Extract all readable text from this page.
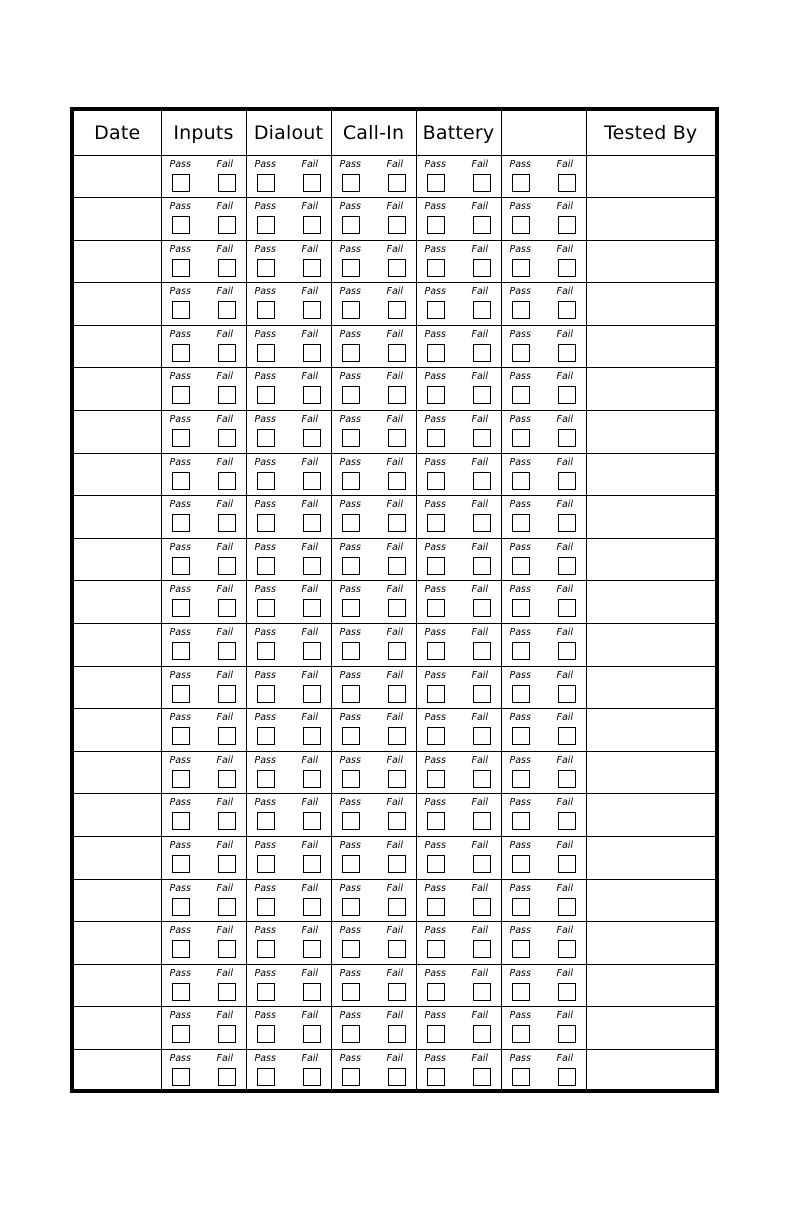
Date	Inputs	Dialout	Call-In	Battery		Tested By

	Pass Fail	Pass Fail	Pass Fail	Pass Fail	Pass Fail	

	Pass Fail	Pass Fail	Pass Fail	Pass Fail	Pass Fail	

	Pass Fail	Pass Fail	Pass Fail	Pass Fail	Pass Fail	

	Pass Fail	Pass Fail	Pass Fail	Pass Fail	Pass Fail	

	Pass Fail	Pass Fail	Pass Fail	Pass Fail	Pass Fail	

	Pass Fail	Pass Fail	Pass Fail	Pass Fail	Pass Fail	

	Pass Fail	Pass Fail	Pass Fail	Pass Fail	Pass Fail	

	Pass Fail	Pass Fail	Pass Fail	Pass Fail	Pass Fail	

	Pass Fail	Pass Fail	Pass Fail	Pass Fail	Pass Fail	

	Pass Fail	Pass Fail	Pass Fail	Pass Fail	Pass Fail	

	Pass Fail	Pass Fail	Pass Fail	Pass Fail	Pass Fail	

	Pass Fail	Pass Fail	Pass Fail	Pass Fail	Pass Fail	

	Pass Fail	Pass Fail	Pass Fail	Pass Fail	Pass Fail	

	Pass Fail	Pass Fail	Pass Fail	Pass Fail	Pass Fail	

	Pass Fail	Pass Fail	Pass Fail	Pass Fail	Pass Fail	

	Pass Fail	Pass Fail	Pass Fail	Pass Fail	Pass Fail	

	Pass Fail	Pass Fail	Pass Fail	Pass Fail	Pass Fail	

	Pass Fail	Pass Fail	Pass Fail	Pass Fail	Pass Fail	

	Pass Fail	Pass Fail	Pass Fail	Pass Fail	Pass Fail	

	Pass Fail	Pass Fail	Pass Fail	Pass Fail	Pass Fail	

	Pass Fail	Pass Fail	Pass Fail	Pass Fail	Pass Fail	

	Pass Fail	Pass Fail	Pass Fail	Pass Fail	Pass Fail	
